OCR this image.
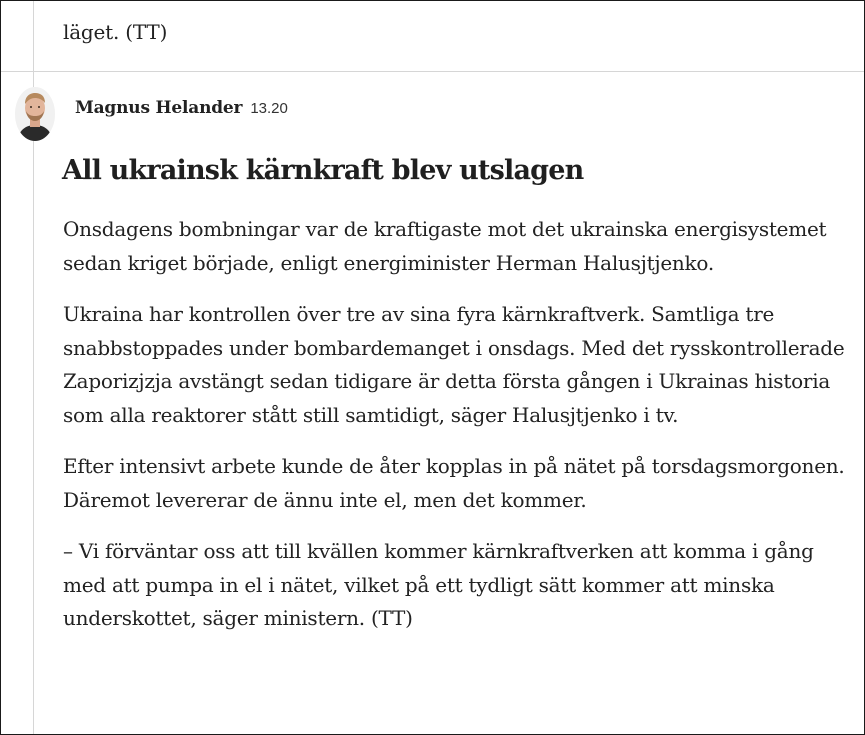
läget. (TT)

Magnus Helander 13.20
All ukrainsk kärnkraft blev utslagen

Onsdagens bombningar var de kraftigaste mot det ukrainska energisystemet sedan kriget började, enligt energiminister Herman Halusjtjenko.

Ukraina har kontrollen över tre av sina fyra kärnkraftverk. Samtliga tre snabbstoppades under bombardemanget i onsdags. Med det rysskontrollerade Zaporizjzja avstängt sedan tidigare är detta första gången i Ukrainas historia som alla reaktorer stått still samtidigt, säger Halusjtjenko i tv.

Efter intensivt arbete kunde de åter kopplas in på nätet på torsdagsmorgonen. Däremot levererar de ännu inte el, men det kommer.

– Vi förväntar oss att till kvällen kommer kärnkraftverken att komma i gång med att pumpa in el i nätet, vilket på ett tydligt sätt kommer att minska underskottet, säger ministern. (TT)
